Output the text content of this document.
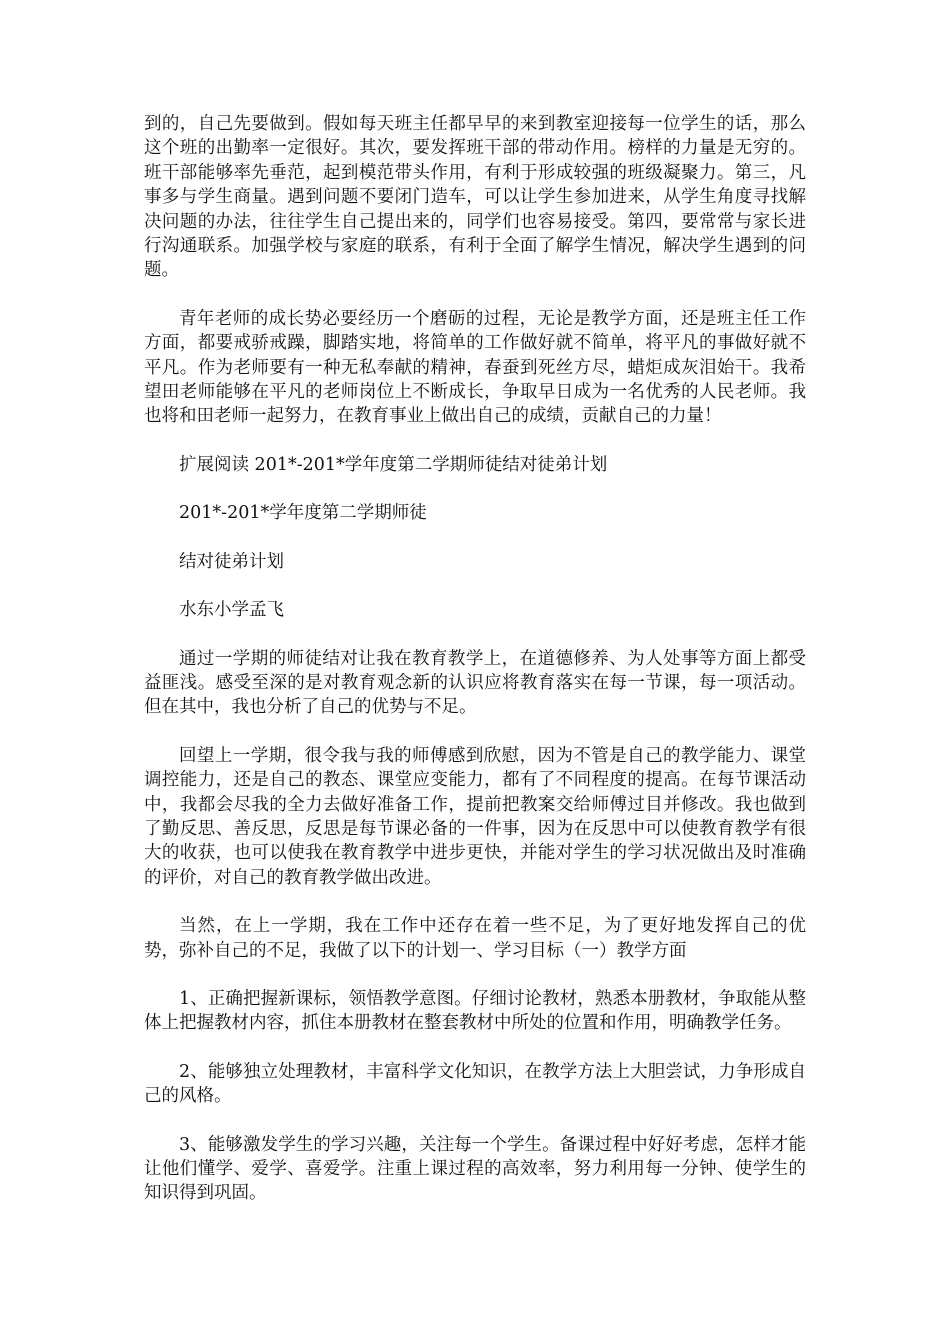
到的，自己先要做到。假如每天班主任都早早的来到教室迎接每一位学生的话，那么这个班的出勤率一定很好。其次，要发挥班干部的带动作用。榜样的力量是无穷的。班干部能够率先垂范，起到模范带头作用，有利于形成较强的班级凝聚力。第三，凡事多与学生商量。遇到问题不要闭门造车，可以让学生参加进来，从学生角度寻找解决问题的办法，往往学生自己提出来的，同学们也容易接受。第四，要常常与家长进行沟通联系。加强学校与家庭的联系，有利于全面了解学生情况，解决学生遇到的问题。

青年老师的成长势必要经历一个磨砺的过程，无论是教学方面，还是班主任工作方面，都要戒骄戒躁，脚踏实地，将简单的工作做好就不简单，将平凡的事做好就不平凡。作为老师要有一种无私奉献的精神，春蚕到死丝方尽，蜡炬成灰泪始干。我希望田老师能够在平凡的老师岗位上不断成长，争取早日成为一名优秀的人民老师。我也将和田老师一起努力，在教育事业上做出自己的成绩，贡献自己的力量！

扩展阅读 201*-201*学年度第二学期师徒结对徒弟计划

201*-201*学年度第二学期师徒

结对徒弟计划

水东小学孟飞

通过一学期的师徒结对让我在教育教学上，在道德修养、为人处事等方面上都受益匪浅。感受至深的是对教育观念新的认识应将教育落实在每一节课，每一项活动。但在其中，我也分析了自己的优势与不足。

回望上一学期，很令我与我的师傅感到欣慰，因为不管是自己的教学能力、课堂调控能力，还是自己的教态、课堂应变能力，都有了不同程度的提高。在每节课活动中，我都会尽我的全力去做好准备工作，提前把教案交给师傅过目并修改。我也做到了勤反思、善反思，反思是每节课必备的一件事，因为在反思中可以使教育教学有很大的收获，也可以使我在教育教学中进步更快，并能对学生的学习状况做出及时准确的评价，对自己的教育教学做出改进。

当然，在上一学期，我在工作中还存在着一些不足，为了更好地发挥自己的优势，弥补自己的不足，我做了以下的计划一、学习目标（一）教学方面

1、正确把握新课标，领悟教学意图。仔细讨论教材，熟悉本册教材，争取能从整体上把握教材内容，抓住本册教材在整套教材中所处的位置和作用，明确教学任务。

2、能够独立处理教材，丰富科学文化知识，在教学方法上大胆尝试，力争形成自己的风格。

3、能够激发学生的学习兴趣，关注每一个学生。备课过程中好好考虑，怎样才能让他们懂学、爱学、喜爱学。注重上课过程的高效率，努力利用每一分钟、使学生的知识得到巩固。
